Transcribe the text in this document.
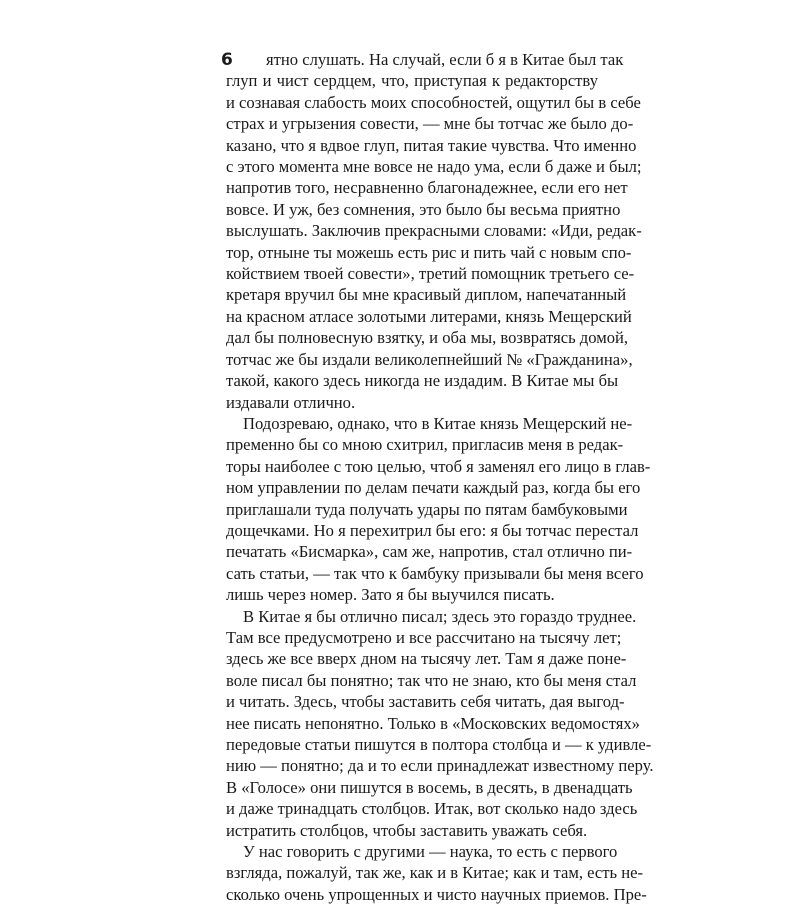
6	ятно слушать. На случай, если б я в Китае был так
глуп и чист сердцем, что, приступая к редакторству
и сознавая слабость моих способностей, ощутил бы в себе
страх и угрызения совести, — мне бы тотчас же было до-
казано, что я вдвое глуп, питая такие чувства. Что именно
с этого момента мне вовсе не надо ума, если б даже и был;
напротив того, несравненно благонадежнее, если его нет
вовсе. И уж, без сомнения, это было бы весьма приятно
выслушать. Заключив прекрасными словами: «Иди, редак-
тор, отныне ты можешь есть рис и пить чай с новым спо-
койствием твоей совести», третий помощник третьего се-
кретаря вручил бы мне красивый диплом, напечатанный
на красном атласе золотыми литерами, князь Мещерский
дал бы полновесную взятку, и оба мы, возвратясь домой,
тотчас же бы издали великолепнейший № «Гражданина»,
такой, какого здесь никогда не издадим. В Китае мы бы
издавали отлично.
Подозреваю, однако, что в Китае князь Мещерский не-
пременно бы со мною схитрил, пригласив меня в редак-
торы наиболее с тою целью, чтоб я заменял его лицо в глав-
ном управлении по делам печати каждый раз, когда бы его
приглашали туда получать удары по пятам бамбуковыми
дощечками. Но я перехитрил бы его: я бы тотчас перестал
печатать «Бисмарка», сам же, напротив, стал отлично пи-
сать статьи, — так что к бамбуку призывали бы меня всего
лишь через номер. Зато я бы выучился писать.
В Китае я бы отлично писал; здесь это гораздо труднее.
Там все предусмотрено и все рассчитано на тысячу лет;
здесь же все вверх дном на тысячу лет. Там я даже поне-
воле писал бы понятно; так что не знаю, кто бы меня стал
и читать. Здесь, чтобы заставить себя читать, дая выгод-
нее писать непонятно. Только в «Московских ведомостях»
передовые статьи пишутся в полтора столбца и — к удивле-
нию — понятно; да и то если принадлежат известному перу.
В «Голосе» они пишутся в восемь, в десять, в двенадцать
и даже тринадцать столбцов. Итак, вот сколько надо здесь
истратить столбцов, чтобы заставить уважать себя.
У нас говорить с другими — наука, то есть с первого
взгляда, пожалуй, так же, как и в Китае; как и там, есть не-
сколько очень упрощенных и чисто научных приемов. Пре-
